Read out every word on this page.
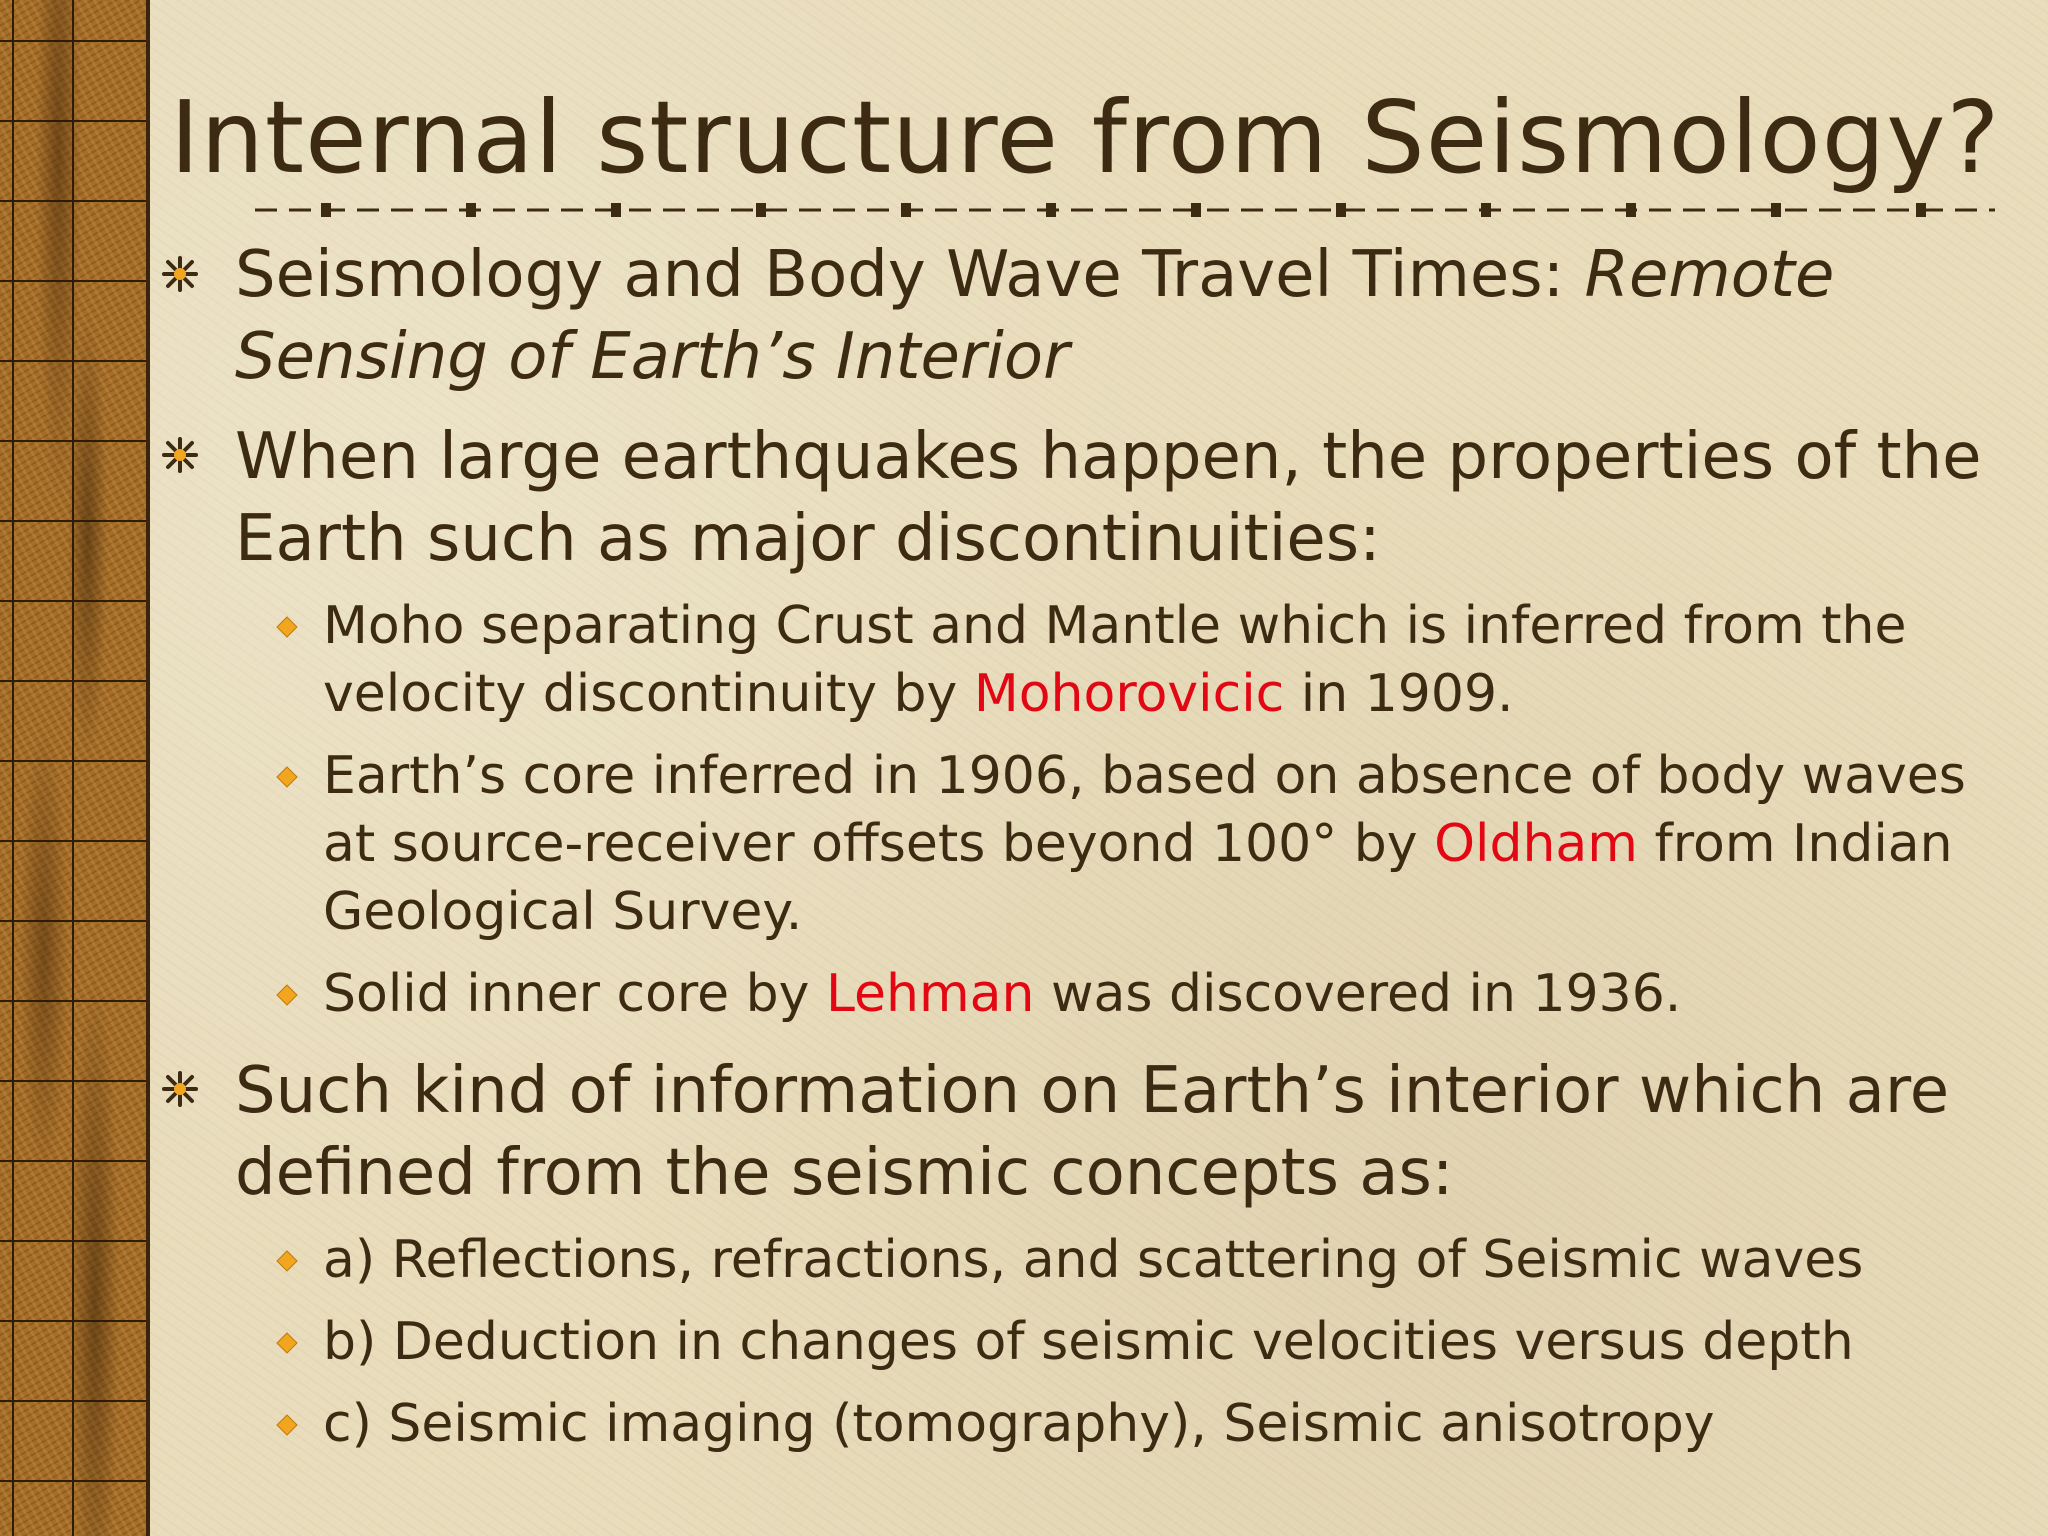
Internal structure from Seismology?
Seismology and Body Wave Travel Times: Remote Sensing of Earth’s Interior
When large earthquakes happen, the properties of the Earth such as major discontinuities:
Moho separating Crust and Mantle which is inferred from the velocity discontinuity by Mohorovicic in 1909.
Earth’s core inferred in 1906, based on absence of body waves at source-receiver offsets beyond 100° by Oldham from Indian Geological Survey.
Solid inner core by Lehman was discovered in 1936.
Such kind of information on Earth’s interior which are defined from the seismic concepts as:
a) Reflections, refractions, and scattering of Seismic waves
b) Deduction in changes of seismic velocities versus depth
c) Seismic imaging (tomography), Seismic anisotropy
